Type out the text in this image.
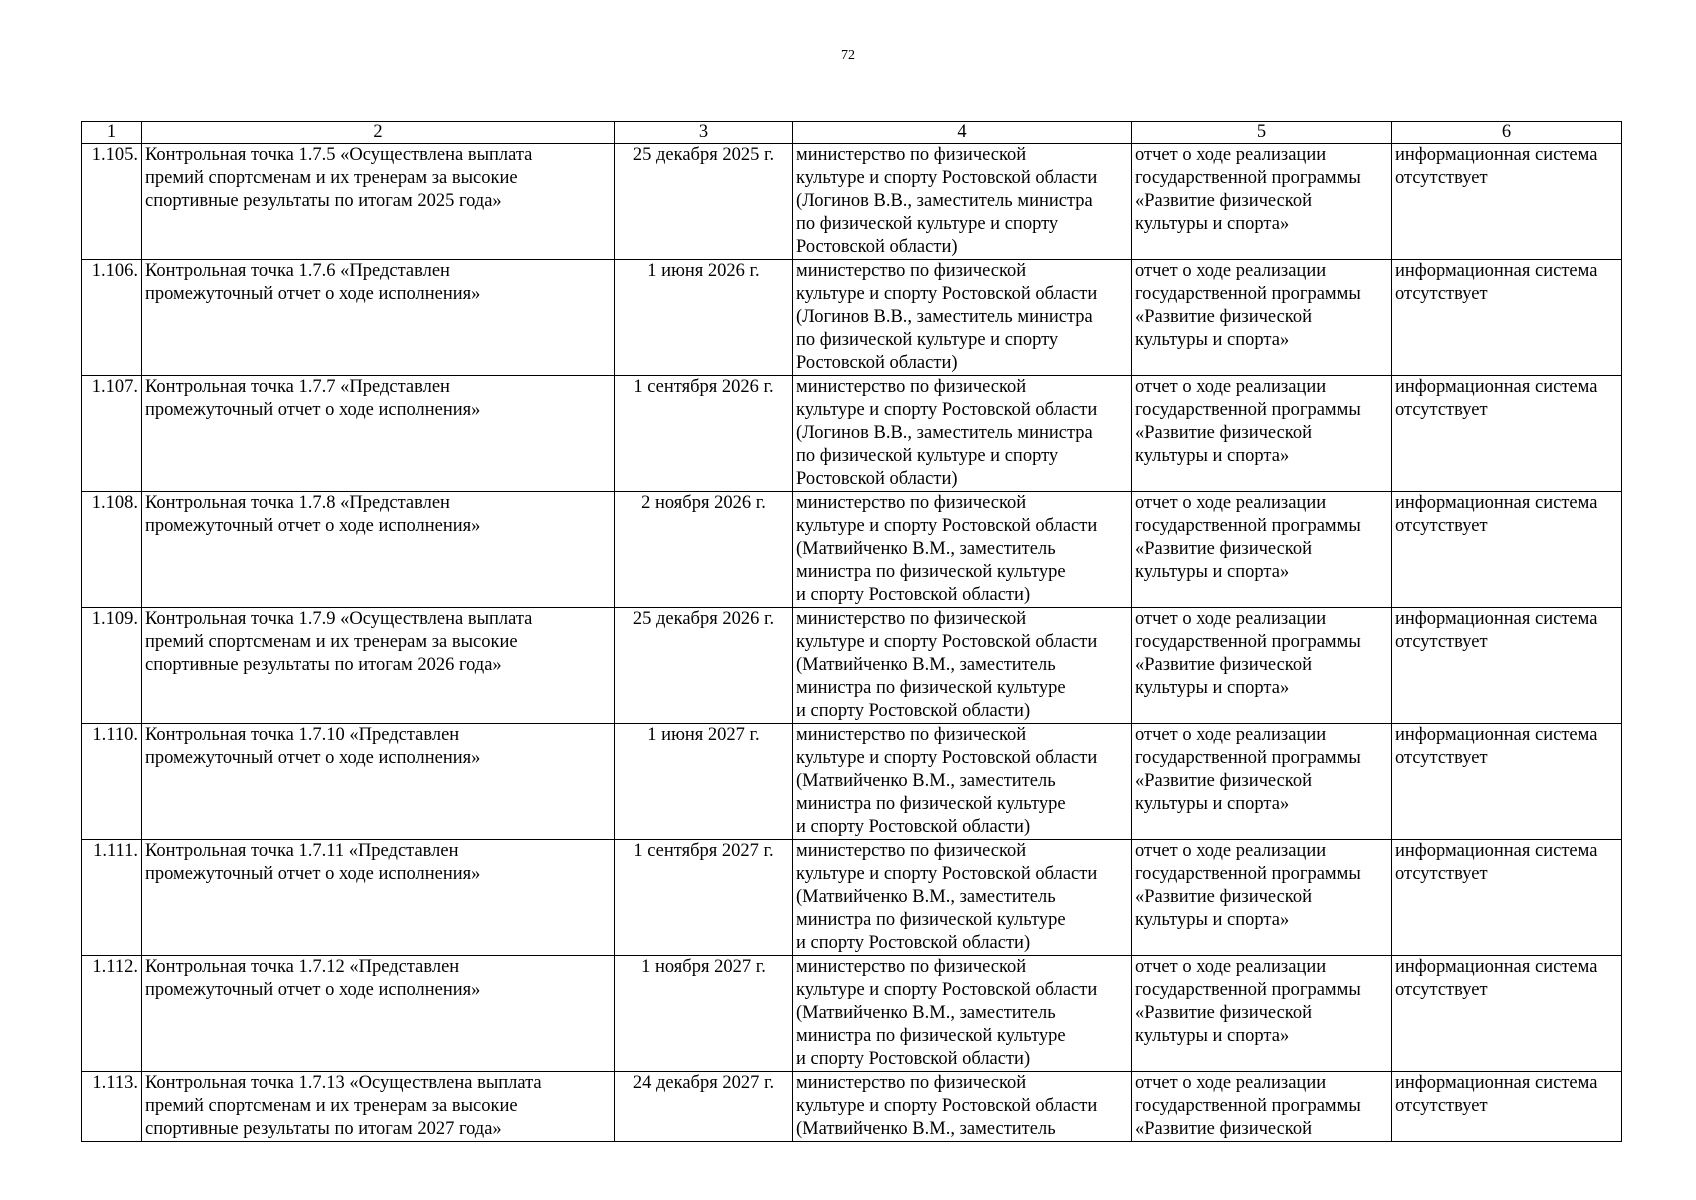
72
1	2	3	4	5	6
1.105.	Контрольная точка 1.7.5 «Осуществлена выплата
премий спортсменам и их тренерам за высокие
спортивные результаты по итогам 2025 года»	25 декабря 2025 г.	министерство по физической
культуре и спорту Ростовской области
(Логинов В.В., заместитель министра
по физической культуре и спорту
Ростовской области)	отчет о ходе реализации
государственной программы
«Развитие физической
культуры и спорта»	информационная система
отсутствует

1.106.	Контрольная точка 1.7.6 «Представлен
промежуточный отчет о ходе исполнения»	1 июня 2026 г.	министерство по физической
культуре и спорту Ростовской области
(Логинов В.В., заместитель министра
по физической культуре и спорту
Ростовской области)	отчет о ходе реализации
государственной программы
«Развитие физической
культуры и спорта»	информационная система
отсутствует

1.107.	Контрольная точка 1.7.7 «Представлен
промежуточный отчет о ходе исполнения»	1 сентября 2026 г.	министерство по физической
культуре и спорту Ростовской области
(Логинов В.В., заместитель министра
по физической культуре и спорту
Ростовской области)	отчет о ходе реализации
государственной программы
«Развитие физической
культуры и спорта»	информационная система
отсутствует

1.108.	Контрольная точка 1.7.8 «Представлен
промежуточный отчет о ходе исполнения»	2 ноября 2026 г.	министерство по физической
культуре и спорту Ростовской области
(Матвийченко В.М., заместитель
министра по физической культуре
и спорту Ростовской области)	отчет о ходе реализации
государственной программы
«Развитие физической
культуры и спорта»	информационная система
отсутствует

1.109.	Контрольная точка 1.7.9 «Осуществлена выплата
премий спортсменам и их тренерам за высокие
спортивные результаты по итогам 2026 года»	25 декабря 2026 г.	министерство по физической
культуре и спорту Ростовской области
(Матвийченко В.М., заместитель
министра по физической культуре
и спорту Ростовской области)	отчет о ходе реализации
государственной программы
«Развитие физической
культуры и спорта»	информационная система
отсутствует

1.110.	Контрольная точка 1.7.10 «Представлен
промежуточный отчет о ходе исполнения»	1 июня 2027 г.	министерство по физической
культуре и спорту Ростовской области
(Матвийченко В.М., заместитель
министра по физической культуре
и спорту Ростовской области)	отчет о ходе реализации
государственной программы
«Развитие физической
культуры и спорта»	информационная система
отсутствует

1.111.	Контрольная точка 1.7.11 «Представлен
промежуточный отчет о ходе исполнения»	1 сентября 2027 г.	министерство по физической
культуре и спорту Ростовской области
(Матвийченко В.М., заместитель
министра по физической культуре
и спорту Ростовской области)	отчет о ходе реализации
государственной программы
«Развитие физической
культуры и спорта»	информационная система
отсутствует

1.112.	Контрольная точка 1.7.12 «Представлен
промежуточный отчет о ходе исполнения»	1 ноября 2027 г.	министерство по физической
культуре и спорту Ростовской области
(Матвийченко В.М., заместитель
министра по физической культуре
и спорту Ростовской области)	отчет о ходе реализации
государственной программы
«Развитие физической
культуры и спорта»	информационная система
отсутствует

1.113.	Контрольная точка 1.7.13 «Осуществлена выплата
премий спортсменам и их тренерам за высокие
спортивные результаты по итогам 2027 года»	24 декабря 2027 г.	министерство по физической
культуре и спорту Ростовской области
(Матвийченко В.М., заместитель	отчет о ходе реализации
государственной программы
«Развитие физической	информационная система
отсутствует
